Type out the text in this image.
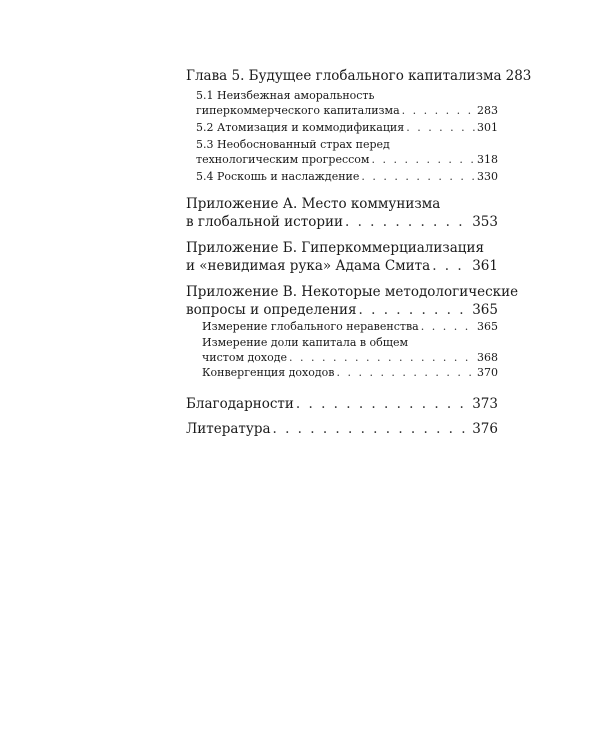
Глава 5. Будущее глобального капитализма 283
5.1 Неизбежная аморальность
гиперкоммерческого капитализма . . .	283
5.2 Атомизация и коммодификация . . .	301
5.3 Необоснованный страх перед
технологическим прогрессом . . .	318
5.4 Роскошь и наслаждение . . .	330
Приложение А. Место коммунизма
в глобальной истории . . .	353
Приложение Б. Гиперкоммерциализация
и «невидимая рука» Адама Смита . . .	361
Приложение В. Некоторые методологические
вопросы и определения . . .	365
Измерение глобального неравенства . . .	365
Измерение доли капитала в общем
чистом доходе . . .	368
Конвергенция доходов . . .	370
Благодарности . . .	373
Литература . . .	376
